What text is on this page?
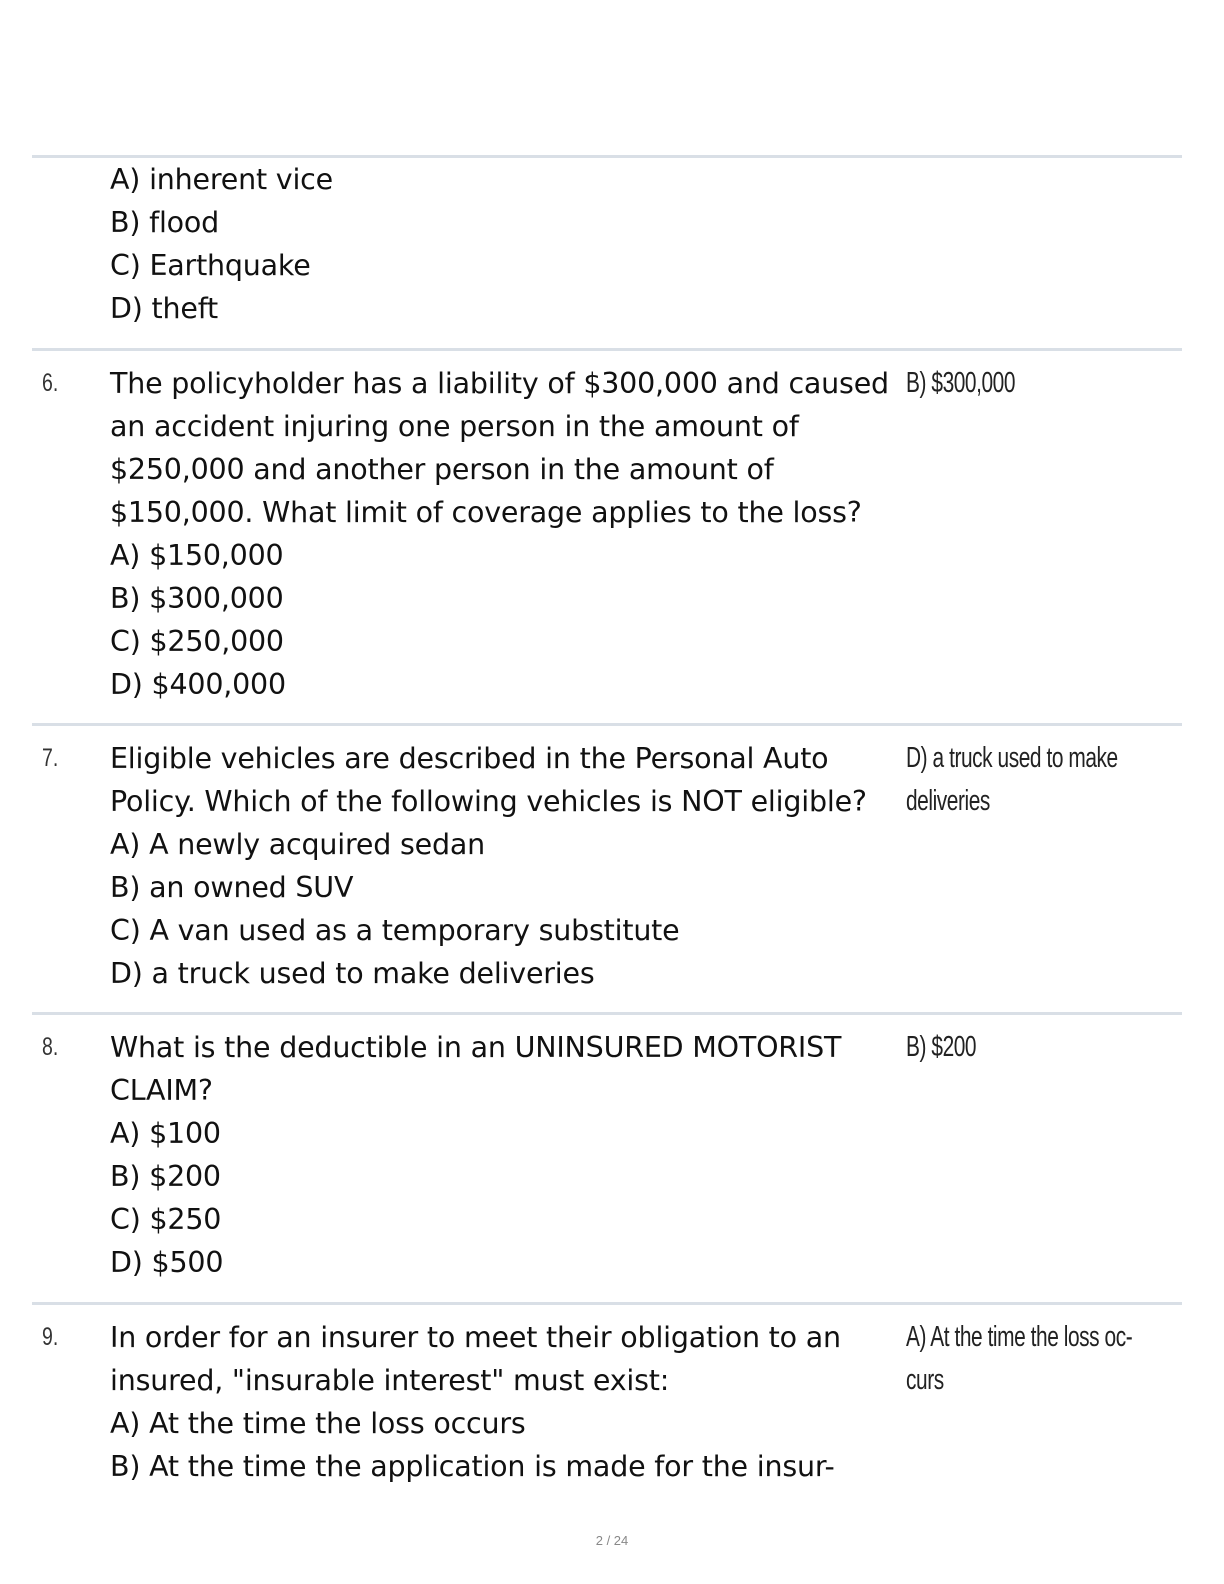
A) inherent vice
B) flood
C) Earthquake
D) theft
6. The policyholder has a liability of $300,000 and caused
an accident injuring one person in the amount of
$250,000 and another person in the amount of
$150,000. What limit of coverage applies to the loss?
A) $150,000
B) $300,000
C) $250,000
D) $400,000
B) $300,000
7. Eligible vehicles are described in the Personal Auto
Policy. Which of the following vehicles is NOT eligible?
A) A newly acquired sedan
B) an owned SUV
C) A van used as a temporary substitute
D) a truck used to make deliveries
D) a truck used to make
deliveries
8. What is the deductible in an UNINSURED MOTORIST
CLAIM?
A) $100
B) $200
C) $250
D) $500
B) $200
9. In order for an insurer to meet their obligation to an
insured, "insurable interest" must exist:
A) At the time the loss occurs
B) At the time the application is made for the insur-
A) At the time the loss oc-
curs
2 / 24
